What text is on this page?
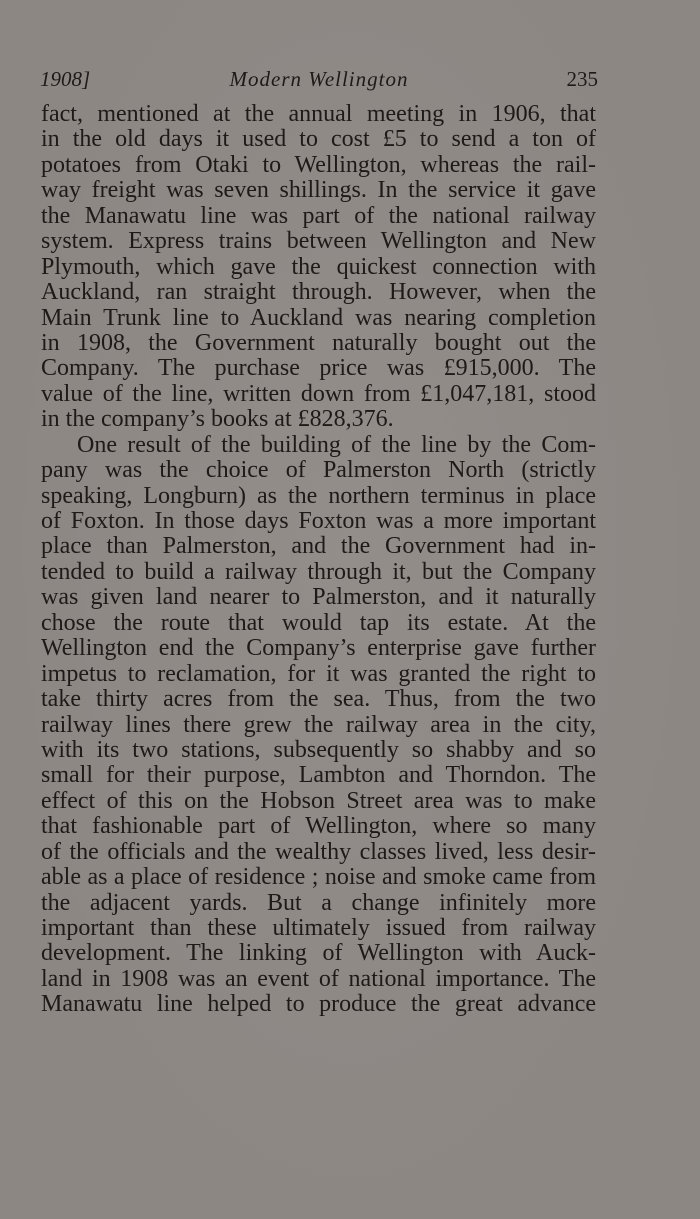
1908]	Modern Wellington	235
fact, mentioned at the annual meeting in 1906, that
in the old days it used to cost £5 to send a ton of
potatoes from Otaki to Wellington, whereas the rail-
way freight was seven shillings. In the service it gave
the Manawatu line was part of the national railway
system. Express trains between Wellington and New
Plymouth, which gave the quickest connection with
Auckland, ran straight through. However, when the
Main Trunk line to Auckland was nearing completion
in 1908, the Government naturally bought out the
Company. The purchase price was £915,000. The
value of the line, written down from £1,047,181, stood
in the company’s books at £828,376.
One result of the building of the line by the Com-
pany was the choice of Palmerston North (strictly
speaking, Longburn) as the northern terminus in place
of Foxton. In those days Foxton was a more important
place than Palmerston, and the Government had in-
tended to build a railway through it, but the Company
was given land nearer to Palmerston, and it naturally
chose the route that would tap its estate. At the
Wellington end the Company’s enterprise gave further
impetus to reclamation, for it was granted the right to
take thirty acres from the sea. Thus, from the two
railway lines there grew the railway area in the city,
with its two stations, subsequently so shabby and so
small for their purpose, Lambton and Thorndon. The
effect of this on the Hobson Street area was to make
that fashionable part of Wellington, where so many
of the officials and the wealthy classes lived, less desir-
able as a place of residence ; noise and smoke came from
the adjacent yards. But a change infinitely more
important than these ultimately issued from railway
development. The linking of Wellington with Auck-
land in 1908 was an event of national importance. The
Manawatu line helped to produce the great advance
